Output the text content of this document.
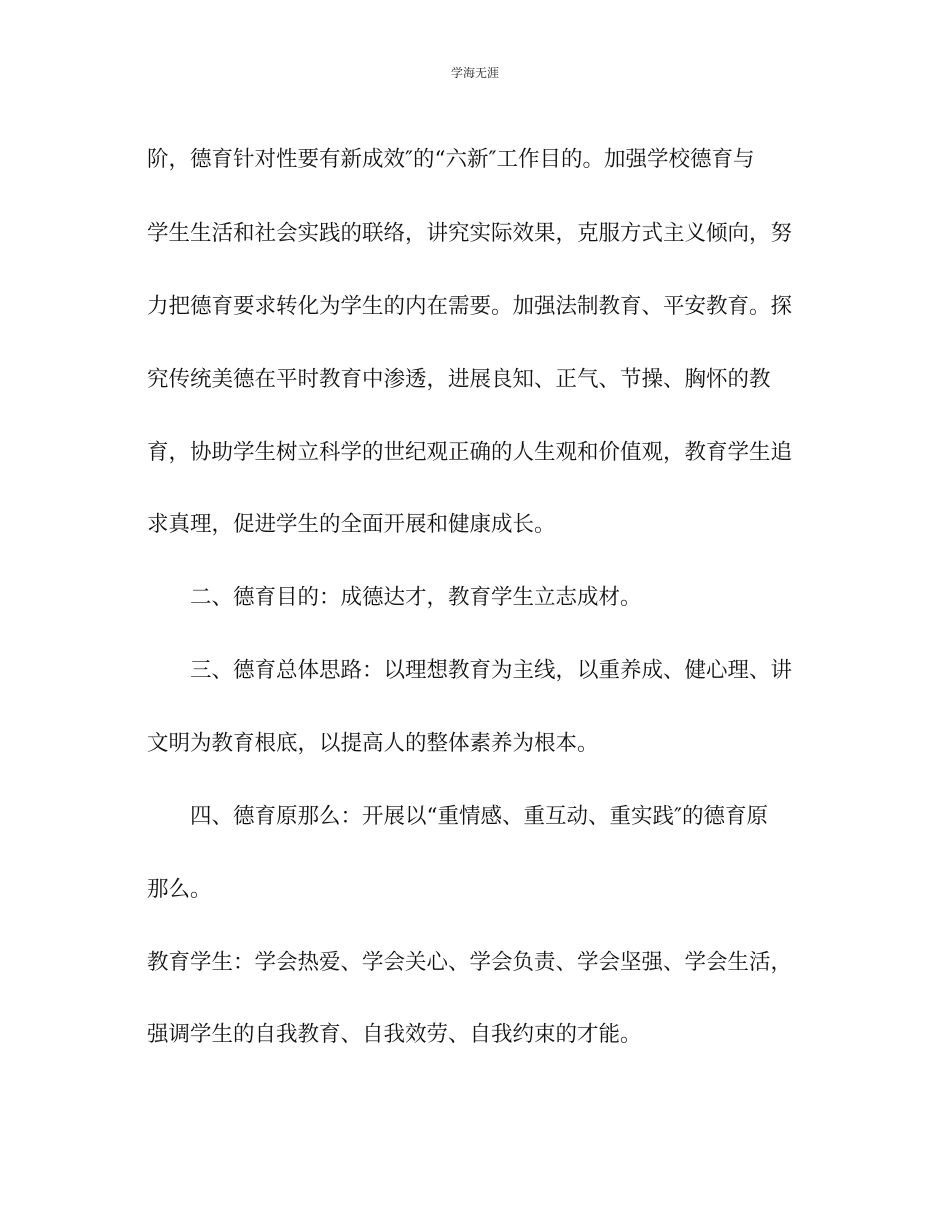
学海无涯
阶，德育针对性要有新成效″的“六新″工作目的。加强学校德育与
学生生活和社会实践的联络，讲究实际效果，克服方式主义倾向，努
力把德育要求转化为学生的内在需要。加强法制教育、平安教育。探
究传统美德在平时教育中渗透，进展良知、正气、节操、胸怀的教
育，协助学生树立科学的世纪观正确的人生观和价值观，教育学生追
求真理，促进学生的全面开展和健康成长。
二、德育目的：成德达才，教育学生立志成材。
三、德育总体思路：以理想教育为主线，以重养成、健心理、讲
文明为教育根底，以提高人的整体素养为根本。
四、德育原那么：开展以“重情感、重互动、重实践″的德育原
那么。
教育学生：学会热爱、学会关心、学会负责、学会坚强、学会生活，
强调学生的自我教育、自我效劳、自我约束的才能。
